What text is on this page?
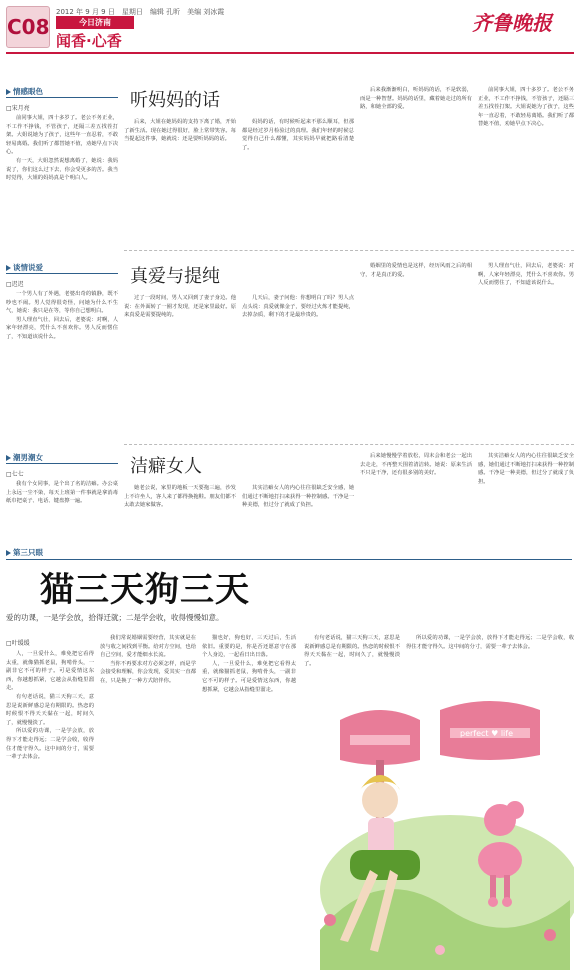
C08
2012 年 9 月 9 日　星期日　编辑 孔昕　美编 刘冰霞
今日济南
闻香·心香
齐鲁晚报
情感眼色
□宋月亮	听妈妈的话

前同事大姐，四十多岁了。老公不务正业，不工作不挣钱，不管孩子，还隔三差五找茬打架。大姐说她为了孩子，这些年一直忍着，不敢轻易离婚。我们听了都替她不值，劝她早点下决心。

有一天，大姐忽然说想离婚了，她说：我妈说了，你们这么过下去，你会受更多的苦。我当时觉得，大姐的妈妈真是个明白人。

后来，大姐在她妈妈的支持下离了婚，开始了新生活。现在她过得很好，脸上常带笑容。每当提起这件事，她就说：还是要听妈妈的话。

妈妈的话，有时候听起来不那么顺耳，但那都是经过岁月检验过的真理。我们年轻的时候总觉得自己什么都懂，其实妈妈早就把路看清楚了。

后来我渐渐明白，听妈妈的话，不是软弱，而是一种智慧。妈妈的话里，藏着她走过的所有路，和她全部的爱。

前同事大姐，四十多岁了。老公不务正业，不工作不挣钱，不管孩子，还隔三差五找茬打架。大姐说她为了孩子，这些年一直忍着，不敢轻易离婚。我们听了都替她不值，劝她早点下决心。

谈情说爱
□迟迟	真爱与提纯

一个男人有了外遇，老婆出奇的镇静，既不吵也不闹。男人觉得很奇怪，问她为什么不生气，她说：我只是在等，等你自己想明白。

男人理直气壮，回去后，老婆说：对啊，人家年轻漂亮，凭什么不喜欢你。男人反而愣住了，不知道该说什么。

过了一段时间，男人又回到了妻子身边。他说：在外面转了一圈才发现，还是家里最好。原来真爱是需要提纯的。

几天后，妻子问他：你想明白了吗？男人点点头说：真爱就像金子，要经过火炼才能提纯，去掉杂质，剩下的才是最珍贵的。

婚姻里的爱情也是这样，经历风雨之后的相守，才是真正的爱。

男人理直气壮，回去后，老婆说：对啊，人家年轻漂亮，凭什么不喜欢你。男人反而愣住了，不知道该说什么。

潮男潮女
□七七	洁癖女人

我有个女同事，是个出了名的洁癖。办公桌上永远一尘不染，每天上班第一件事就是拿消毒纸巾把桌子、电话、键盘擦一遍。

她老公说，家里的地板一天要拖三遍，沙发上不许坐人，客人来了都得换拖鞋。朋友们都不太敢去她家做客。

其实洁癖女人的内心往往很缺乏安全感，她们通过不断地打扫来获得一种控制感。干净是一种美德，但过分了就成了负担。

后来她慢慢学着放松，周末会和老公一起出去走走，不再整天围着清洁转。她说：原来生活不只是干净，还有很多别的美好。

其实洁癖女人的内心往往很缺乏安全感，她们通过不断地打扫来获得一种控制感。干净是一种美德，但过分了就成了负担。

第三只眼
猫三天狗三天
爱的功课，一是学会放，拾得迁就；二是学会收，收得慢慢如意。
□叶缓缓

人，一旦爱什么，难免把它看得太重，就像猫抓老鼠，狗啃骨头，一副非它不可的样子。可是爱情这东西，你越想抓紧，它越会从指缝里溜走。

有句老话说，猫三天狗三天，意思是说新鲜感总是有期限的。热恋的时候恨不得天天黏在一起，时间久了，就慢慢淡了。

所以爱的功课，一是学会放，放得下才能走得远；二是学会收，收得住才能守得久。这中间的分寸，需要一辈子去体会。

我们常说婚姻需要经营，其实就是在放与收之间找到平衡。给对方空间，也给自己空间，爱才能细水长流。

当你不再要求对方必须怎样，而是学会接受和理解，你会发现，爱其实一直都在，只是换了一种方式陪伴你。

猫也好，狗也好，三天过后，生活依旧。重要的是，你是否还愿意守在那个人身边，一起看日出日落。

人，一旦爱什么，难免把它看得太重，就像猫抓老鼠，狗啃骨头，一副非它不可的样子。可是爱情这东西，你越想抓紧，它越会从指缝里溜走。

有句老话说，猫三天狗三天，意思是说新鲜感总是有期限的。热恋的时候恨不得天天黏在一起，时间久了，就慢慢淡了。

所以爱的功课，一是学会放，放得下才能走得远；二是学会收，收得住才能守得久。这中间的分寸，需要一辈子去体会。

perfect ♥ life
